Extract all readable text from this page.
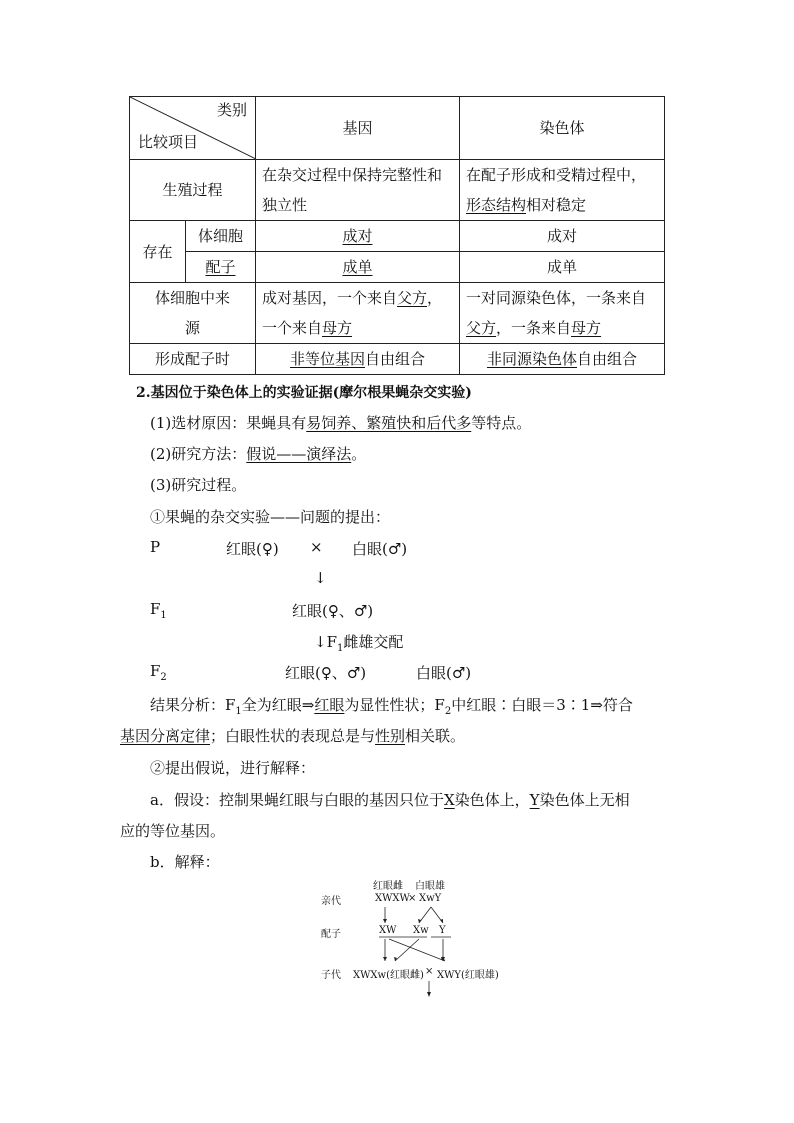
类别
比较项目		基因	染色体
生殖过程		在杂交过程中保持完整性和独立性	在配子形成和受精过程中，形态结构相对稳定
存在	体细胞	成对	成对
	配子	成单	成单
体细胞中来源		成对基因，一个来自父方，一个来自母方	一对同源染色体，一条来自父方，一条来自母方
形成配子时		非等位基因自由组合	非同源染色体自由组合
2.基因位于染色体上的实验证据(摩尔根果蝇杂交实验)
(1)选材原因：果蝇具有易饲养、繁殖快和后代多等特点。
(2)研究方法：假说——演绎法。
(3)研究过程。
①果蝇的杂交实验——问题的提出：
P	红眼(♀) × 白眼(♂)
↓
$F_1$	红眼(♀、♂)
$↓F_1$雌雄交配
$F_2$	红眼(♀、♂)	白眼(♂)
结果分析：$F_1$全为红眼⇒红眼为显性性状；$F_2$中红眼∶白眼＝3∶1⇒符合
基因分离定律；白眼性状的表现总是与性别相关联。
②提出假说，进行解释：
a．假设：控制果蝇红眼与白眼的基因只位于X染色体上，Y染色体上无相
应的等位基因。
b．解释：
亲代
配子
子代
红眼雌 白眼雄
XWXW
× XwY
XW Xw Y
XWXw(红眼雌) × XWY(红眼雄)
